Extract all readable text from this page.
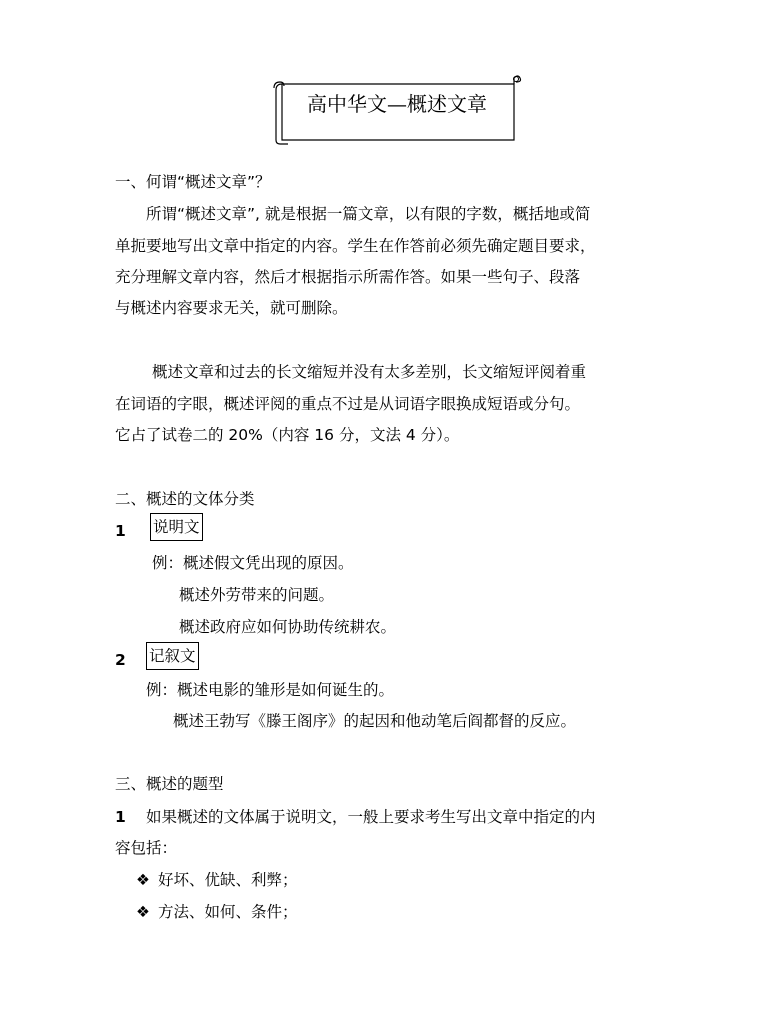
高中华文—概述文章
一、何谓“概述文章”？
所谓“概述文章”, 就是根据一篇文章，以有限的字数，概括地或简
单扼要地写出文章中指定的内容。学生在作答前必须先确定题目要求，
充分理解文章内容，然后才根据指示所需作答。如果一些句子、段落
与概述内容要求无关，就可删除。
概述文章和过去的长文缩短并没有太多差别，长文缩短评阅着重
在词语的字眼，概述评阅的重点不过是从词语字眼换成短语或分句。
它占了试卷二的 20%（内容 16 分，文法 4 分）。
二、概述的文体分类
1 说明文
例：概述假文凭出现的原因。
概述外劳带来的问题。
概述政府应如何协助传统耕农。
2 记叙文
例：概述电影的雏形是如何诞生的。
概述王勃写《滕王阁序》的起因和他动笔后阎都督的反应。
三、概述的题型
1 如果概述的文体属于说明文，一般上要求考生写出文章中指定的内
容包括：
❖ 好坏、优缺、利弊；
❖ 方法、如何、条件；
